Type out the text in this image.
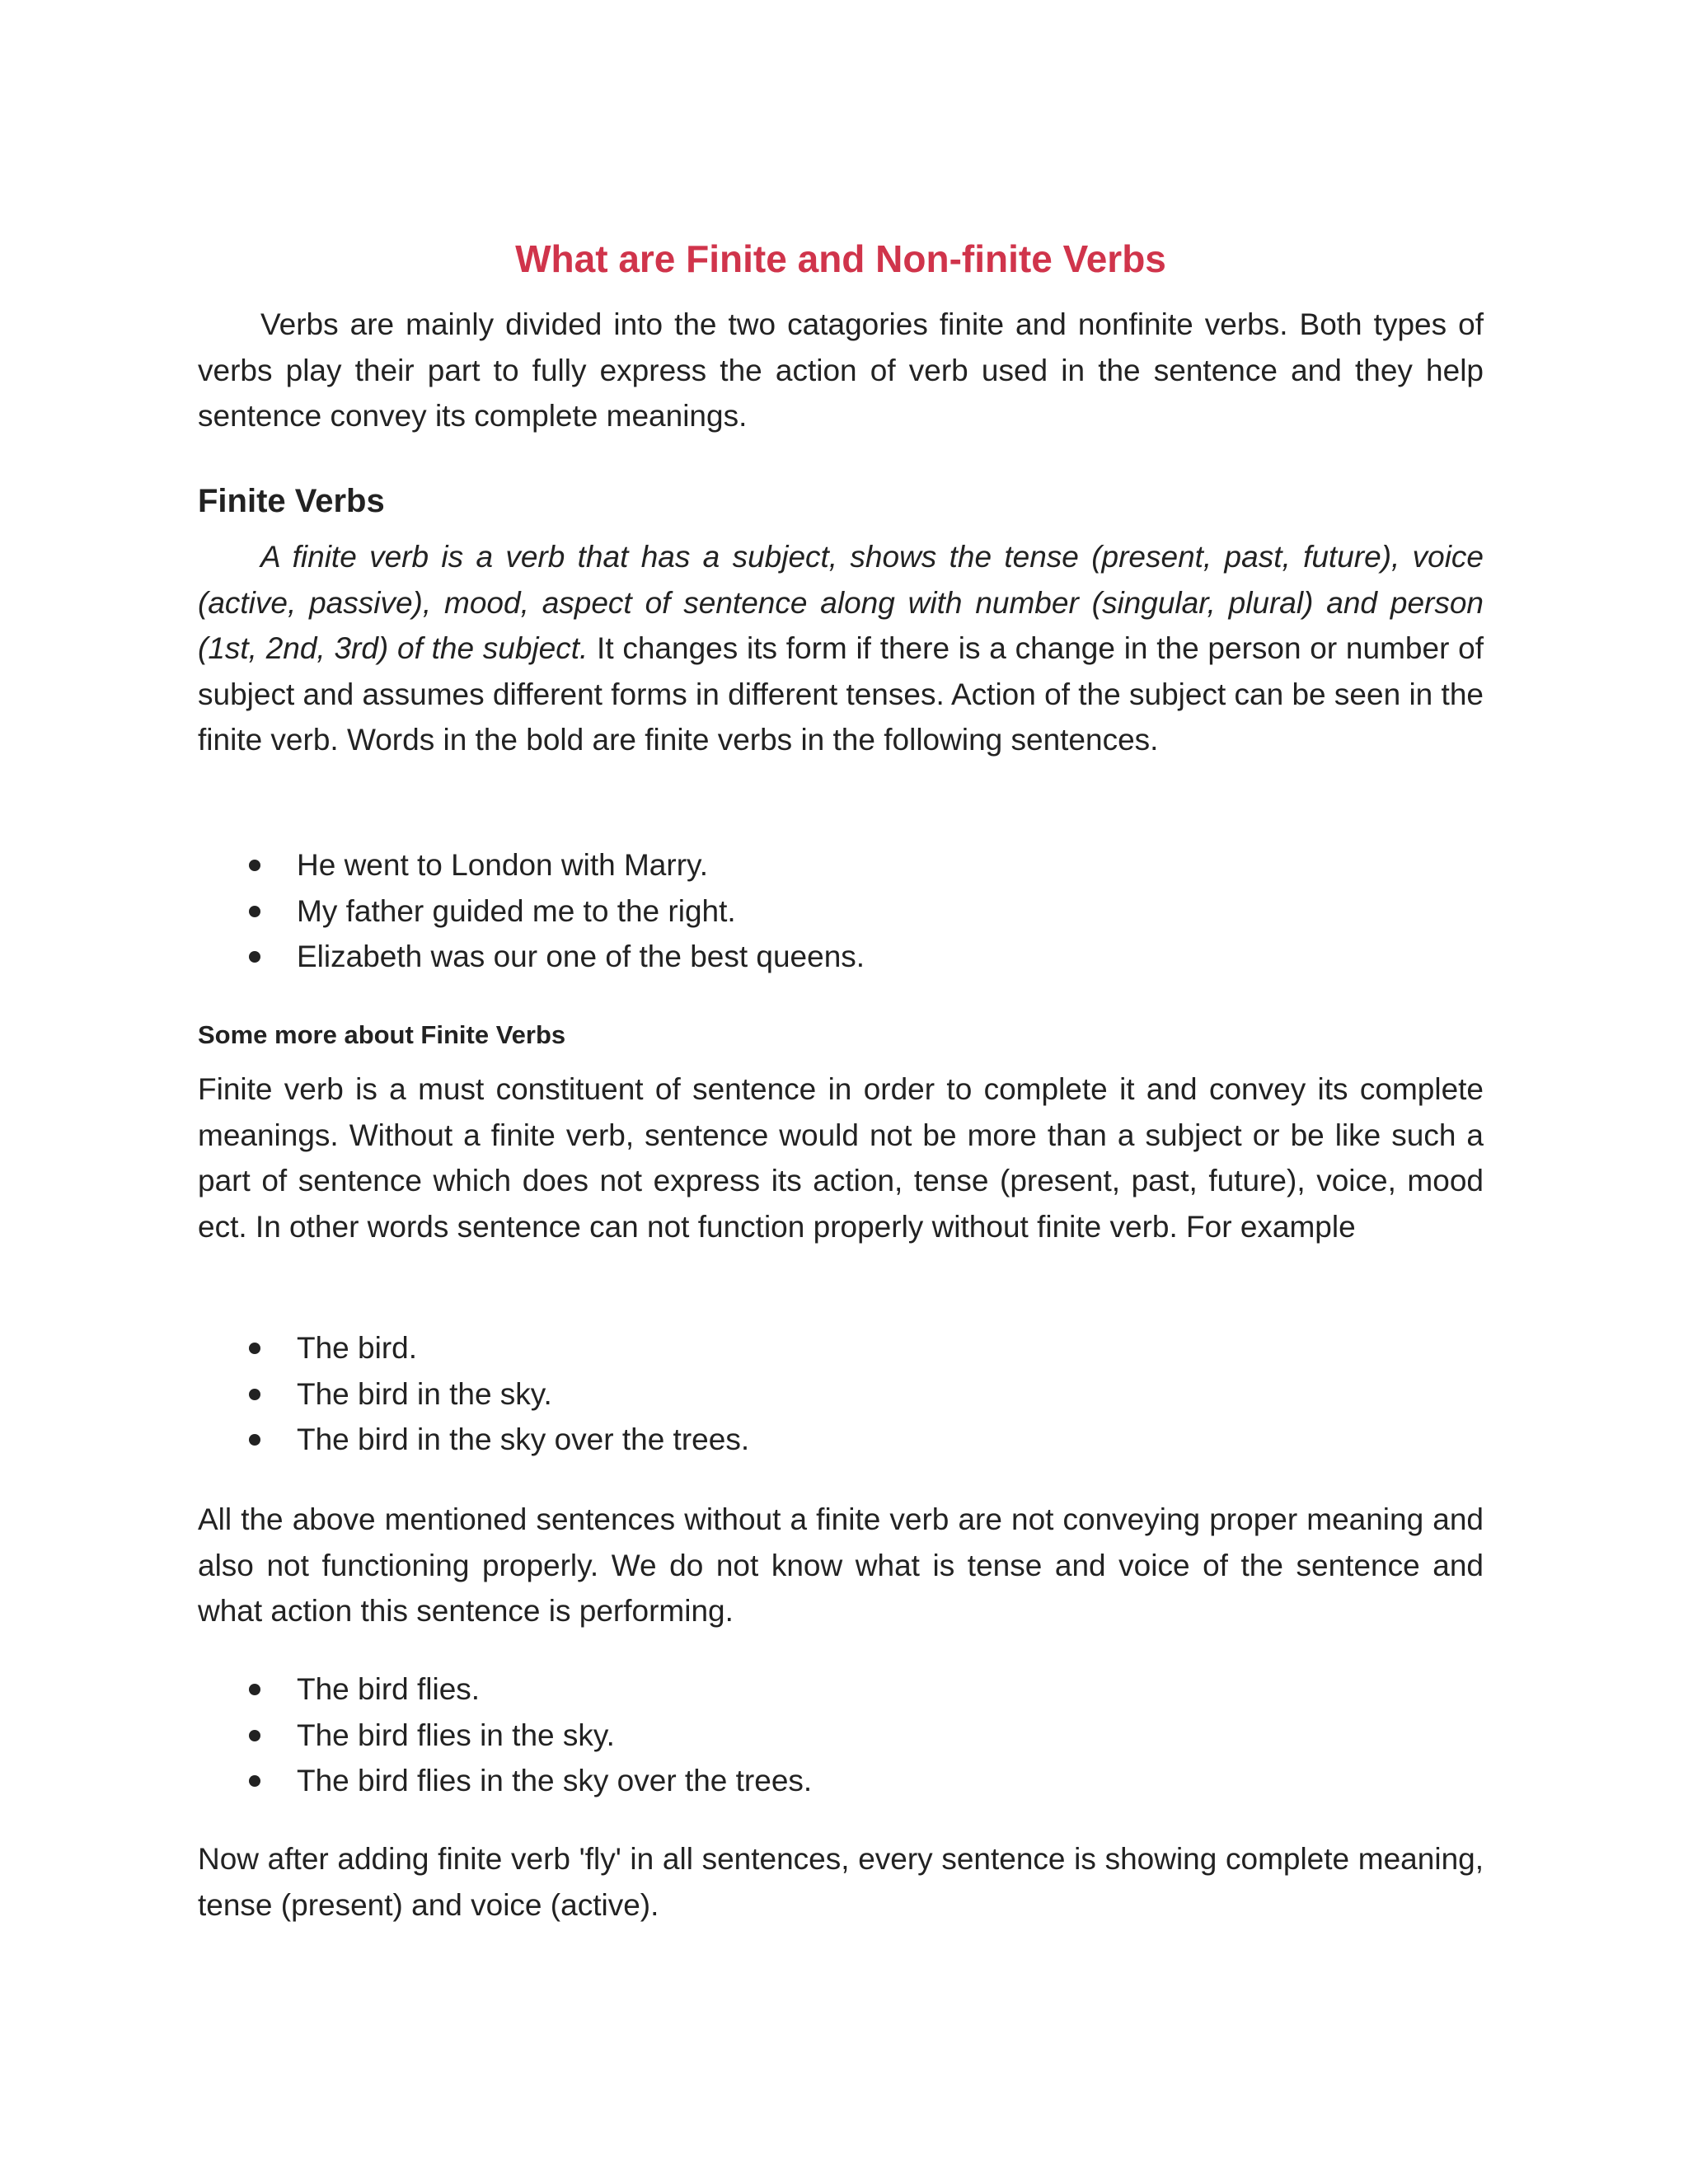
What are Finite and Non-finite Verbs

Verbs are mainly divided into the two catagories finite and nonfinite verbs. Both types of verbs play their part to fully express the action of verb used in the sentence and they help sentence convey its complete meanings.

Finite Verbs

A finite verb is a verb that has a subject, shows the tense (present, past, future), voice (active, passive), mood, aspect of sentence along with number (singular, plural) and person (1st, 2nd, 3rd) of the subject. It changes its form if there is a change in the person or number of subject and assumes different forms in different tenses. Action of the subject can be seen in the finite verb. Words in the bold are finite verbs in the following sentences.

He went to London with Marry.
My father guided me to the right.
Elizabeth was our one of the best queens.
Some more about Finite Verbs

Finite verb is a must constituent of sentence in order to complete it and convey its complete meanings. Without a finite verb, sentence would not be more than a subject or be like such a part of sentence which does not express its action, tense (present, past, future), voice, mood ect. In other words sentence can not function properly without finite verb. For example

The bird.
The bird in the sky.
The bird in the sky over the trees.

All the above mentioned sentences without a finite verb are not conveying proper meaning and also not functioning properly. We do not know what is tense and voice of the sentence and what action this sentence is performing.

The bird flies.
The bird flies in the sky.
The bird flies in the sky over the trees.

Now after adding finite verb 'fly' in all sentences, every sentence is showing complete meaning, tense (present) and voice (active).
